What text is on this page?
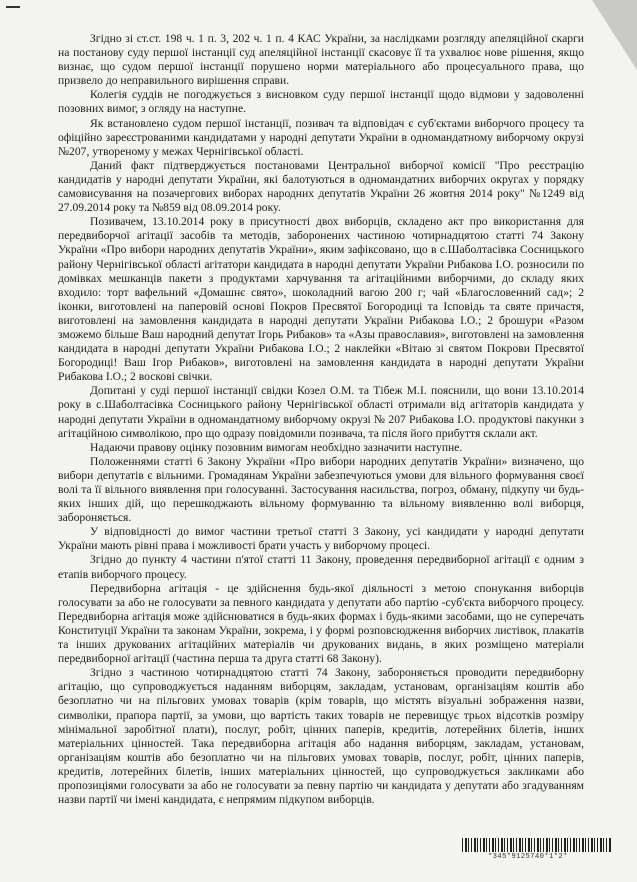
Згідно зі ст.ст. 198 ч. 1 п. 3, 202 ч. 1 п. 4 КАС України, за наслідками розгляду апеляційної скарги на постанову суду першої інстанції суд апеляційної інстанції скасовує її та ухвалює нове рішення, якщо визнає, що судом першої інстанції порушено норми матеріального або процесуального права, що призвело до неправильного вирішення справи.

Колегія суддів не погоджується з висновком суду першої інстанції щодо відмови у задоволенні позовних вимог, з огляду на наступне.

Як встановлено судом першої інстанції, позивач та відповідач є суб'єктами виборчого процесу та офіційно зареєстрованими кандидатами у народні депутати України в одномандатному виборчому окрузі №207, утвореному у межах Чернігівської області.

Даний факт підтверджується постановами Центральної виборчої комісії "Про реєстрацію кандидатів у народні депутати України, які балотуються в одномандатних виборчих округах у порядку самовисування на позачергових виборах народних депутатів України 26 жовтня 2014 року" №1249 від 27.09.2014 року та №859 від 08.09.2014 року.

Позивачем, 13.10.2014 року в присутності двох виборців, складено акт про використання для передвиборчої агітації засобів та методів, заборонених частиною чотирнадцятою статті 74 Закону України «Про вибори народних депутатів України», яким зафіксовано, що в с.Шаболтасівка Сосницького району Чернігівської області агітатори кандидата в народні депутати України Рибакова І.О. розносили по домівках мешканців пакети з продуктами харчування та агітаційними виборчими, до складу яких входило: торт вафельний «Домашнє свято», шоколадний вагою 200 г; чай «Благословенний сад»; 2 іконки, виготовлені на паперовій основі Покров Пресвятої Богородиці та Ісповідь та святе причастя, виготовлені на замовлення кандидата в народні депутати України Рибакова І.О.; 2 брошури «Разом зможемо більше Ваш народний депутат Ігорь Рибаков» та «Азы православия», виготовлені на замовлення кандидата в народні депутати України Рибакова І.О.; 2 наклейки «Вітаю зі святом Покрови Пресвятої Богородиці! Ваш Ігор Рибаков», виготовлені на замовлення кандидата в народні депутати України Рибакова І.О.; 2 воскові свічки.

Допитані у суді першої інстанції свідки Козел О.М. та Тібеж М.І. пояснили, що вони 13.10.2014 року в с.Шаболтасівка Сосницького району Чернігівської області отримали від агітаторів кандидата у народні депутати України в одномандатному виборчому окрузі № 207 Рибакова І.О. продуктові пакунки з агітаційною символікою, про що одразу повідомили позивача, та після його прибуття склали акт.

Надаючи правову оцінку позовним вимогам необхідно зазначити наступне.

Положеннями статті 6 Закону України «Про вибори народних депутатів України» визначено, що вибори депутатів є вільними. Громадянам України забезпечуються умови для вільного формування своєї волі та її вільного виявлення при голосуванні. Застосування насильства, погроз, обману, підкупу чи будь-яких інших дій, що перешкоджають вільному формуванню та вільному виявленню волі виборця, забороняється.

У відповідності до вимог частини третьої статті 3 Закону, усі кандидати у народні депутати України мають рівні права і можливості брати участь у виборчому процесі.

Згідно до пункту 4 частини п'ятої статті 11 Закону, проведення передвиборної агітації є одним з етапів виборчого процесу.

Передвиборна агітація - це здійснення будь-якої діяльності з метою спонукання виборців голосувати за або не голосувати за певного кандидата у депутати або партію -суб'єкта виборчого процесу. Передвиборна агітація може здійснюватися в будь-яких формах і будь-якими засобами, що не суперечать Конституції України та законам України, зокрема, і у формі розповсюдження виборчих листівок, плакатів та інших друкованих агітаційних матеріалів чи друкованих видань, в яких розміщено матеріали передвиборної агітації (частина перша та друга статті 68 Закону).

Згідно з частиною чотирнадцятою статті 74 Закону, забороняється проводити передвиборну агітацію, що супроводжується наданням виборцям, закладам, установам, організаціям коштів або безоплатно чи на пільгових умовах товарів (крім товарів, що містять візуальні зображення назви, символіки, прапора партії, за умови, що вартість таких товарів не перевищує трьох відсотків розміру мінімальної заробітної плати), послуг, робіт, цінних паперів, кредитів, лотерейних білетів, інших матеріальних цінностей. Така передвиборна агітація або надання виборцям, закладам, установам, організаціям коштів або безоплатно чи на пільгових умовах товарів, послуг, робіт, цінних паперів, кредитів, лотерейних білетів, інших матеріальних цінностей, що супроводжується закликами або пропозиціями голосувати за або не голосувати за певну партію чи кандидата у депутати або згадуванням назви партії чи імені кандидата, є непрямим підкупом виборців.

*345*9125740*1*2*
